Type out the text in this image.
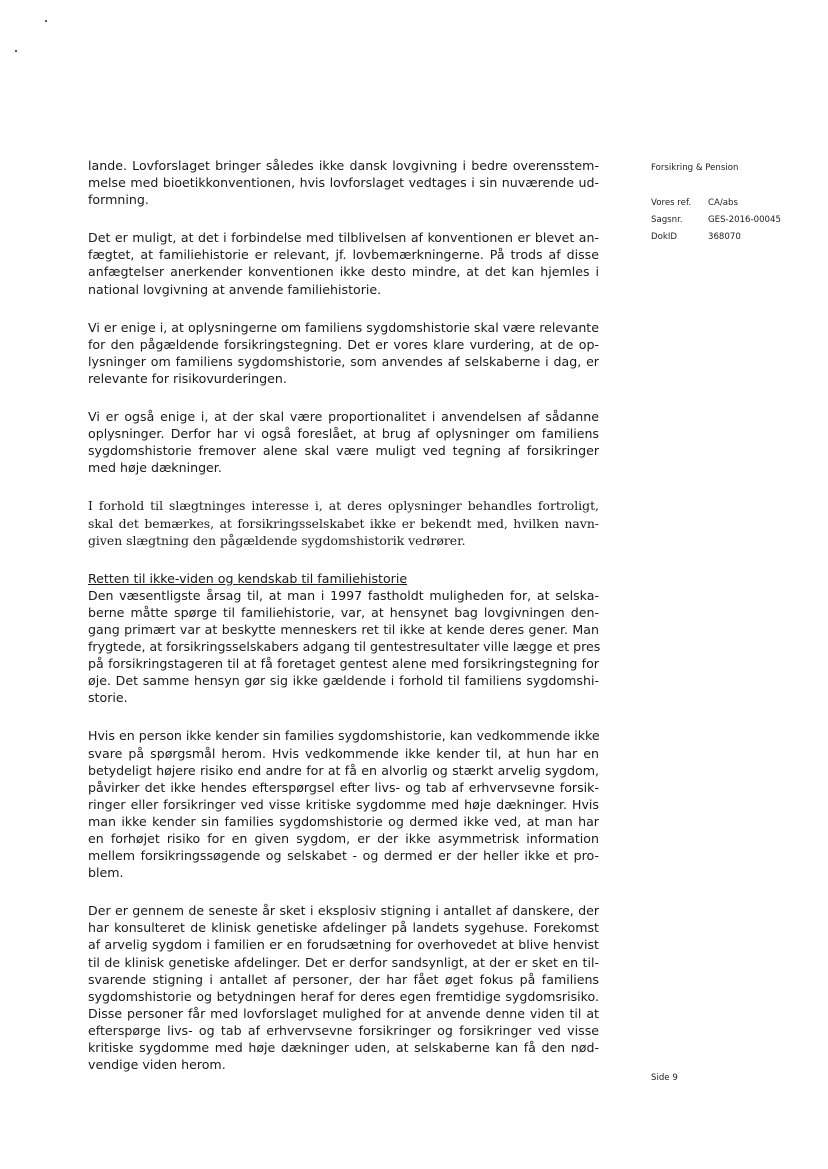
lande. Lovforslaget bringer således ikke dansk lovgivning i bedre overensstem-
melse med bioetikkonventionen, hvis lovforslaget vedtages i sin nuværende ud-
formning.
Det er muligt, at det i forbindelse med tilblivelsen af konventionen er blevet an-
fægtet, at familiehistorie er relevant, jf. lovbemærkningerne. På trods af disse
anfægtelser anerkender konventionen ikke desto mindre, at det kan hjemles i
national lovgivning at anvende familiehistorie.
Vi er enige i, at oplysningerne om familiens sygdomshistorie skal være relevante
for den pågældende forsikringstegning. Det er vores klare vurdering, at de op-
lysninger om familiens sygdomshistorie, som anvendes af selskaberne i dag, er
relevante for risikovurderingen.
Vi er også enige i, at der skal være proportionalitet i anvendelsen af sådanne
oplysninger. Derfor har vi også foreslået, at brug af oplysninger om familiens
sygdomshistorie fremover alene skal være muligt ved tegning af forsikringer
med høje dækninger.
I forhold til slægtninges interesse i, at deres oplysninger behandles fortroligt,
skal det bemærkes, at forsikringsselskabet ikke er bekendt med, hvilken navn-
given slægtning den pågældende sygdomshistorik vedrører.
Retten til ikke-viden og kendskab til familiehistorie
Den væsentligste årsag til, at man i 1997 fastholdt muligheden for, at selska-
berne måtte spørge til familiehistorie, var, at hensynet bag lovgivningen den-
gang primært var at beskytte menneskers ret til ikke at kende deres gener. Man
frygtede, at forsikringsselskabers adgang til gentestresultater ville lægge et pres
på forsikringstageren til at få foretaget gentest alene med forsikringstegning for
øje. Det samme hensyn gør sig ikke gældende i forhold til familiens sygdomshi-
storie.
Hvis en person ikke kender sin families sygdomshistorie, kan vedkommende ikke
svare på spørgsmål herom. Hvis vedkommende ikke kender til, at hun har en
betydeligt højere risiko end andre for at få en alvorlig og stærkt arvelig sygdom,
påvirker det ikke hendes efterspørgsel efter livs- og tab af erhvervsevne forsik-
ringer eller forsikringer ved visse kritiske sygdomme med høje dækninger. Hvis
man ikke kender sin families sygdomshistorie og dermed ikke ved, at man har
en forhøjet risiko for en given sygdom, er der ikke asymmetrisk information
mellem forsikringssøgende og selskabet - og dermed er der heller ikke et pro-
blem.
Der er gennem de seneste år sket i eksplosiv stigning i antallet af danskere, der
har konsulteret de klinisk genetiske afdelinger på landets sygehuse. Forekomst
af arvelig sygdom i familien er en forudsætning for overhovedet at blive henvist
til de klinisk genetiske afdelinger. Det er derfor sandsynligt, at der er sket en til-
svarende stigning i antallet af personer, der har fået øget fokus på familiens
sygdomshistorie og betydningen heraf for deres egen fremtidige sygdomsrisiko.
Disse personer får med lovforslaget mulighed for at anvende denne viden til at
efterspørge livs- og tab af erhvervsevne forsikringer og forsikringer ved visse
kritiske sygdomme med høje dækninger uden, at selskaberne kan få den nød-
vendige viden herom.
Forsikring & Pension
Vores ref.	CA/abs
Sagsnr.	GES-2016-00045
DokID	368070
Side 9
